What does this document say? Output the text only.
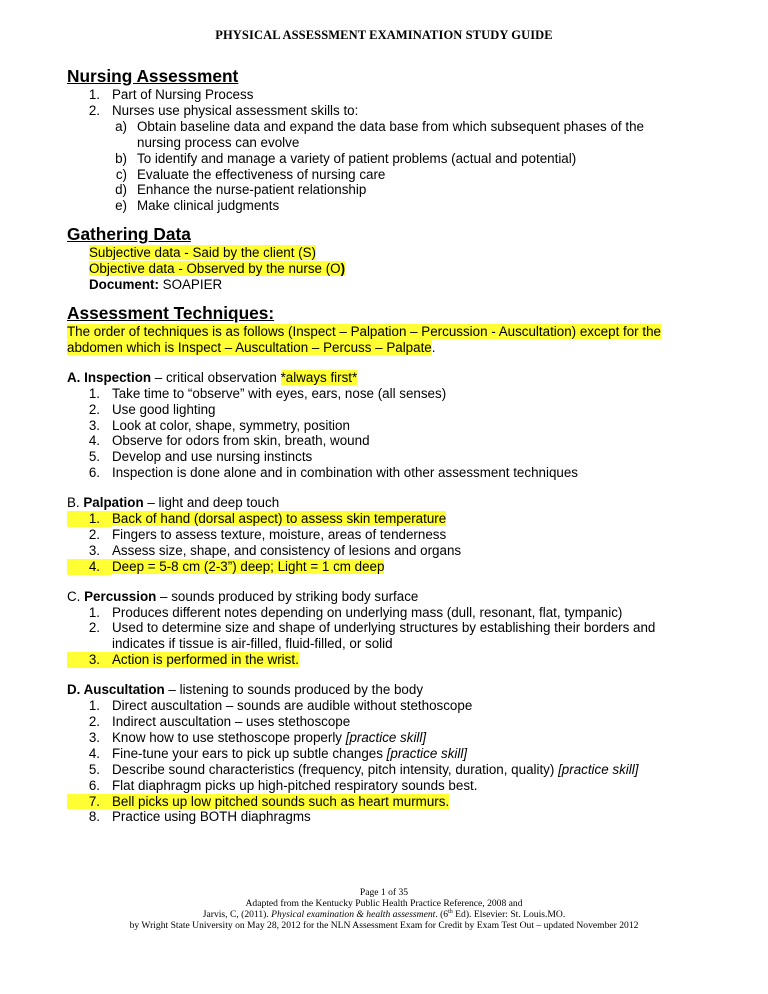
PHYSICAL ASSESSMENT EXAMINATION STUDY GUIDE
Nursing Assessment
1. Part of Nursing Process
2. Nurses use physical assessment skills to:
a) Obtain baseline data and expand the data base from which subsequent phases of the
nursing process can evolve
b) To identify and manage a variety of patient problems (actual and potential)
c) Evaluate the effectiveness of nursing care
d) Enhance the nurse-patient relationship
e) Make clinical judgments
Gathering Data
Subjective data - Said by the client (S)
Objective data - Observed by the nurse (O)
Document: SOAPIER
Assessment Techniques:
The order of techniques is as follows (Inspect – Palpation – Percussion - Auscultation) except for the
abdomen which is Inspect – Auscultation – Percuss – Palpate.
A. Inspection – critical observation *always first*
1. Take time to “observe” with eyes, ears, nose (all senses)
2. Use good lighting
3. Look at color, shape, symmetry, position
4. Observe for odors from skin, breath, wound
5. Develop and use nursing instincts
6. Inspection is done alone and in combination with other assessment techniques
B. Palpation – light and deep touch
1. Back of hand (dorsal aspect) to assess skin temperature
2. Fingers to assess texture, moisture, areas of tenderness
3. Assess size, shape, and consistency of lesions and organs
4. Deep = 5-8 cm (2-3”) deep; Light = 1 cm deep
C. Percussion – sounds produced by striking body surface
1. Produces different notes depending on underlying mass (dull, resonant, flat, tympanic)
2. Used to determine size and shape of underlying structures by establishing their borders and
indicates if tissue is air-filled, fluid-filled, or solid
3. Action is performed in the wrist.
D. Auscultation – listening to sounds produced by the body
1. Direct auscultation – sounds are audible without stethoscope
2. Indirect auscultation – uses stethoscope
3. Know how to use stethoscope properly [practice skill]
4. Fine-tune your ears to pick up subtle changes [practice skill]
5. Describe sound characteristics (frequency, pitch intensity, duration, quality) [practice skill]
6. Flat diaphragm picks up high-pitched respiratory sounds best.
7. Bell picks up low pitched sounds such as heart murmurs.
8. Practice using BOTH diaphragms
Page 1 of 35
Adapted from the Kentucky Public Health Practice Reference, 2008 and
Jarvis, C, (2011). Physical examination & health assessment. (6th Ed). Elsevier: St. Louis.MO.
by Wright State University on May 28, 2012 for the NLN Assessment Exam for Credit by Exam Test Out – updated November 2012
